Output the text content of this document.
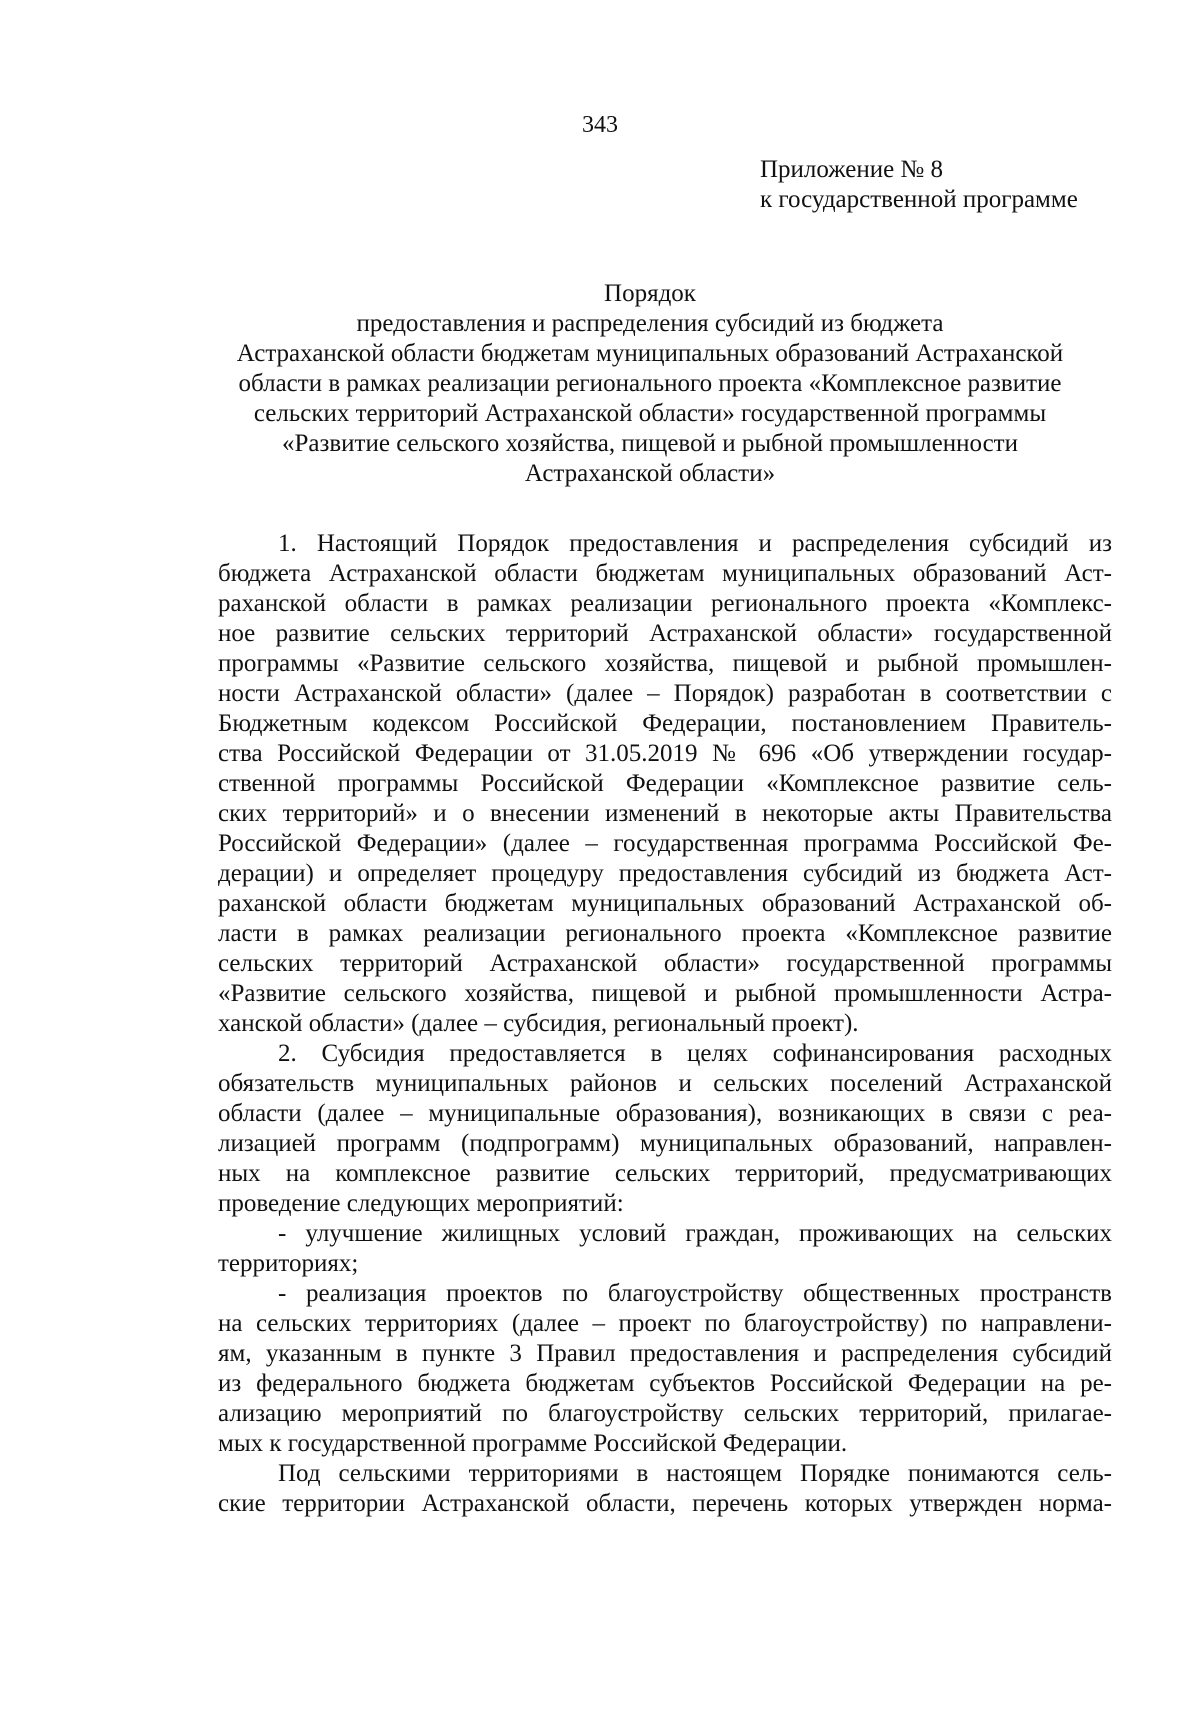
343
Приложение № 8
к государственной программе
Порядок
предоставления и распределения субсидий из бюджета
Астраханской области бюджетам муниципальных образований Астраханской
области в рамках реализации регионального проекта «Комплексное развитие
сельских территорий Астраханской области» государственной программы
«Развитие сельского хозяйства, пищевой и рыбной промышленности
Астраханской области»
1. Настоящий Порядок предоставления и распределения субсидий из
бюджета Астраханской области бюджетам муниципальных образований Аст-
раханской области в рамках реализации регионального проекта «Комплекс-
ное развитие сельских территорий Астраханской области» государственной
программы «Развитие сельского хозяйства, пищевой и рыбной промышлен-
ности Астраханской области» (далее – Порядок) разработан в соответствии с
Бюджетным кодексом Российской Федерации, постановлением Правитель-
ства Российской Федерации от 31.05.2019 № 696 «Об утверждении государ-
ственной программы Российской Федерации «Комплексное развитие сель-
ских территорий» и о внесении изменений в некоторые акты Правительства
Российской Федерации» (далее – государственная программа Российской Фе-
дерации) и определяет процедуру предоставления субсидий из бюджета Аст-
раханской области бюджетам муниципальных образований Астраханской об-
ласти в рамках реализации регионального проекта «Комплексное развитие
сельских территорий Астраханской области» государственной программы
«Развитие сельского хозяйства, пищевой и рыбной промышленности Астра-
ханской области» (далее – субсидия, региональный проект).
2. Субсидия предоставляется в целях софинансирования расходных
обязательств муниципальных районов и сельских поселений Астраханской
области (далее – муниципальные образования), возникающих в связи с реа-
лизацией программ (подпрограмм) муниципальных образований, направлен-
ных на комплексное развитие сельских территорий, предусматривающих
проведение следующих мероприятий:
- улучшение жилищных условий граждан, проживающих на сельских
территориях;
- реализация проектов по благоустройству общественных пространств
на сельских территориях (далее – проект по благоустройству) по направлени-
ям, указанным в пункте 3 Правил предоставления и распределения субсидий
из федерального бюджета бюджетам субъектов Российской Федерации на ре-
ализацию мероприятий по благоустройству сельских территорий, прилагае-
мых к государственной программе Российской Федерации.
Под сельскими территориями в настоящем Порядке понимаются сель-
ские территории Астраханской области, перечень которых утвержден норма-
